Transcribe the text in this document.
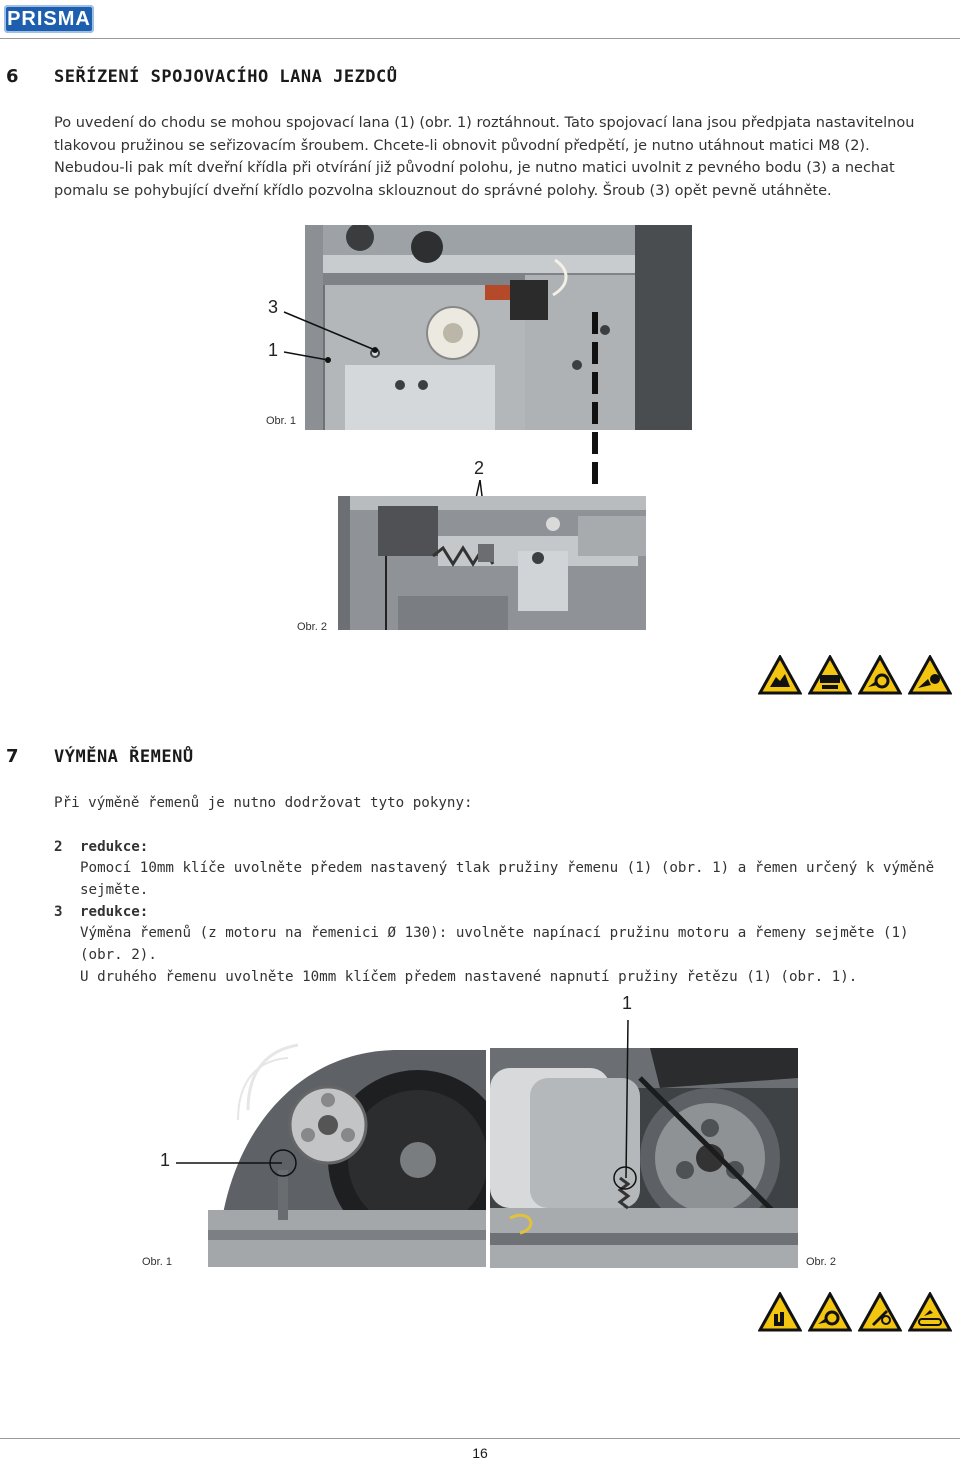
PRISMA
6 SEŘÍZENÍ SPOJOVACÍHO LANA JEZDCŮ
Po uvedení do chodu se mohou spojovací lana (1) (obr. 1) roztáhnout. Tato spojovací lana jsou předpjata nastavitelnou
tlakovou pružinou se seřizovacím šroubem. Chcete-li obnovit původní předpětí, je nutno utáhnout matici M8 (2).
Nebudou-li pak mít dveřní křídla při otvírání již původní polohu, je nutno matici uvolnit z pevného bodu (3) a nechat
pomalu se pohybující dveřní křídlo pozvolna sklouznout do správné polohy. Šroub (3) opět pevně utáhněte.
3
1
Obr. 1
2
Obr. 2
7 VÝMĚNA ŘEMENŮ
Při výměně řemenů je nutno dodržovat tyto pokyny:
2 redukce:
Pomocí 10mm klíče uvolněte předem nastavený tlak pružiny řemenu (1) (obr. 1) a řemen určený k výměně sejměte.
3 redukce:
Výměna řemenů (z motoru na řemenici Ø 130): uvolněte napínací pružinu motoru a řemeny sejměte (1) (obr. 2).
U druhého řemenu uvolněte 10mm klíčem předem nastavené napnutí pružiny řetězu (1) (obr. 1).
1
Obr. 1
1
Obr. 2
16
